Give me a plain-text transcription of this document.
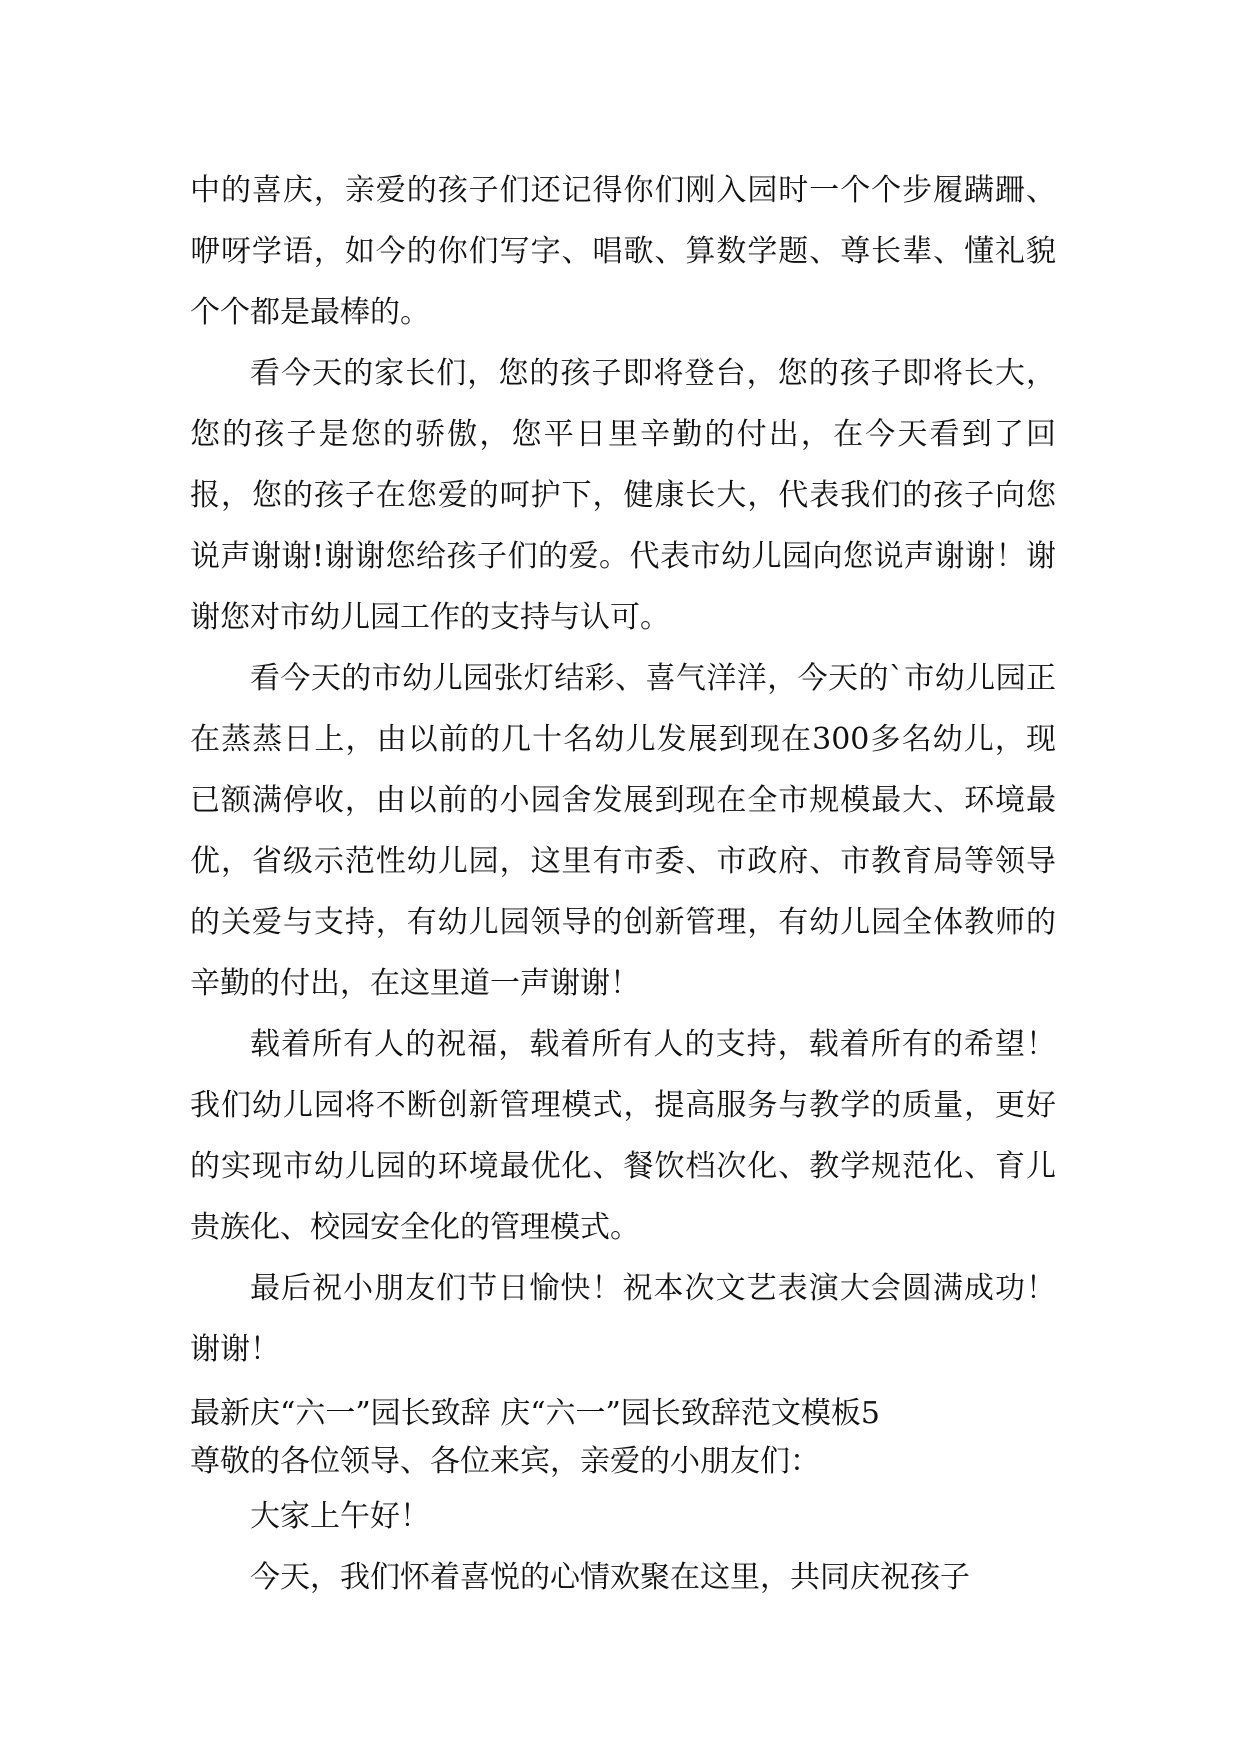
中的喜庆，亲爱的孩子们还记得你们刚入园时一个个步履蹒跚、咿呀学语，如今的你们写字、唱歌、算数学题、尊长辈、懂礼貌个个都是最棒的。

看今天的家长们，您的孩子即将登台，您的孩子即将长大，您的孩子是您的骄傲，您平日里辛勤的付出，在今天看到了回报，您的孩子在您爱的呵护下，健康长大，代表我们的孩子向您说声谢谢!谢谢您给孩子们的爱。代表市幼儿园向您说声谢谢！谢谢您对市幼儿园工作的支持与认可。

看今天的市幼儿园张灯结彩、喜气洋洋，今天的`市幼儿园正在蒸蒸日上，由以前的几十名幼儿发展到现在300多名幼儿，现已额满停收，由以前的小园舍发展到现在全市规模最大、环境最优，省级示范性幼儿园，这里有市委、市政府、市教育局等领导的关爱与支持，有幼儿园领导的创新管理，有幼儿园全体教师的辛勤的付出，在这里道一声谢谢！

载着所有人的祝福，载着所有人的支持，载着所有的希望！我们幼儿园将不断创新管理模式，提高服务与教学的质量，更好的实现市幼儿园的环境最优化、餐饮档次化、教学规范化、育儿贵族化、校园安全化的管理模式。

最后祝小朋友们节日愉快！祝本次文艺表演大会圆满成功！谢谢！

最新庆“六一”园长致辞 庆“六一”园长致辞范文模板5

尊敬的各位领导、各位来宾，亲爱的小朋友们：

大家上午好！

今天，我们怀着喜悦的心情欢聚在这里，共同庆祝孩子
